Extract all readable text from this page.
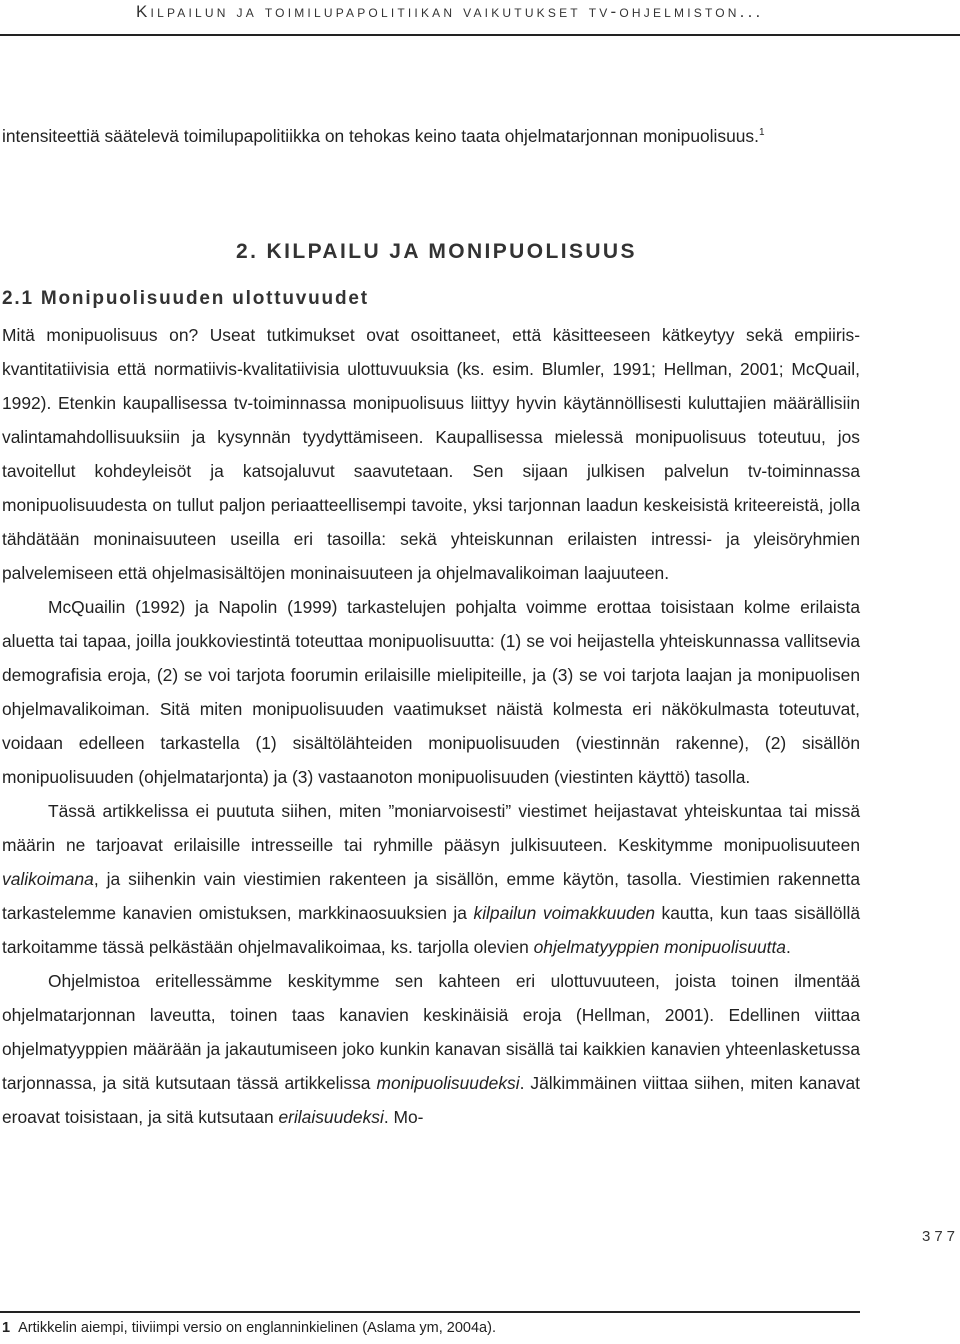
Kilpailun ja toimilupapolitiikan vaikutukset tv-ohjelmiston...
intensiteettiä säätelevä toimilupapolitiikka on tehokas keino taata ohjelmatarjonnan monipuolisuus.$^1$
2. KILPAILU JA MONIPUOLISUUS
2.1 Monipuolisuuden ulottuvuudet

Mitä monipuolisuus on? Useat tutkimukset ovat osoittaneet, että käsitteeseen kätkeytyy sekä empiiris-kvantitatiivisia että normatiivis-kvalitatiivisia ulottuvuuksia (ks. esim. Blumler, 1991; Hellman, 2001; McQuail, 1992). Etenkin kaupallisessa tv-toiminnassa monipuolisuus liittyy hyvin käytännöllisesti kuluttajien määrällisiin valintamahdollisuuksiin ja kysynnän tyydyttämiseen. Kaupallisessa mielessä monipuolisuus toteutuu, jos tavoitellut kohdeyleisöt ja katsojaluvut saavutetaan. Sen sijaan julkisen palvelun tv-toiminnassa monipuolisuudesta on tullut paljon periaatteellisempi tavoite, yksi tarjonnan laadun keskeisistä kriteereistä, jolla tähdätään moninaisuuteen useilla eri tasoilla: sekä yhteiskunnan erilaisten intressi- ja yleisöryhmien palvelemiseen että ohjelmasisältöjen moninaisuuteen ja ohjelmavalikoiman laajuuteen.

McQuailin (1992) ja Napolin (1999) tarkastelujen pohjalta voimme erottaa toisistaan kolme erilaista aluetta tai tapaa, joilla joukkoviestintä toteuttaa monipuolisuutta: (1) se voi heijastella yhteiskunnassa vallitsevia demografisia eroja, (2) se voi tarjota foorumin erilaisille mielipiteille, ja (3) se voi tarjota laajan ja monipuolisen ohjelmavalikoiman. Sitä miten monipuolisuuden vaatimukset näistä kolmesta eri näkökulmasta toteutuvat, voidaan edelleen tarkastella (1) sisältölähteiden monipuolisuuden (viestinnän rakenne), (2) sisällön monipuolisuuden (ohjelmatarjonta) ja (3) vastaanoton monipuolisuuden (viestinten käyttö) tasolla.

Tässä artikkelissa ei puututa siihen, miten ”moniarvoisesti” viestimet heijastavat yhteiskuntaa tai missä määrin ne tarjoavat erilaisille intresseille tai ryhmille pääsyn julkisuuteen. Keskitymme monipuolisuuteen valikoimana, ja siihenkin vain viestimien rakenteen ja sisällön, emme käytön, tasolla. Viestimien rakennetta tarkastelemme kanavien omistuksen, markkinaosuuksien ja kilpailun voimakkuuden kautta, kun taas sisällöllä tarkoitamme tässä pelkästään ohjelmavalikoimaa, ks. tarjolla olevien ohjelmatyyppien monipuolisuutta.

Ohjelmistoa eritellessämme keskitymme sen kahteen eri ulottuvuuteen, joista toinen ilmentää ohjelmatarjonnan laveutta, toinen taas kanavien keskinäisiä eroja (Hellman, 2001). Edellinen viittaa ohjelmatyyppien määrään ja jakautumiseen joko kunkin kanavan sisällä tai kaikkien kanavien yhteenlasketussa tarjonnassa, ja sitä kutsutaan tässä artikkelissa monipuolisuudeksi. Jälkimmäinen viittaa siihen, miten kanavat eroavat toisistaan, ja sitä kutsutaan erilaisuudeksi. Mo-

377
1 Artikkelin aiempi, tiiviimpi versio on englanninkielinen (Aslama ym, 2004a).
